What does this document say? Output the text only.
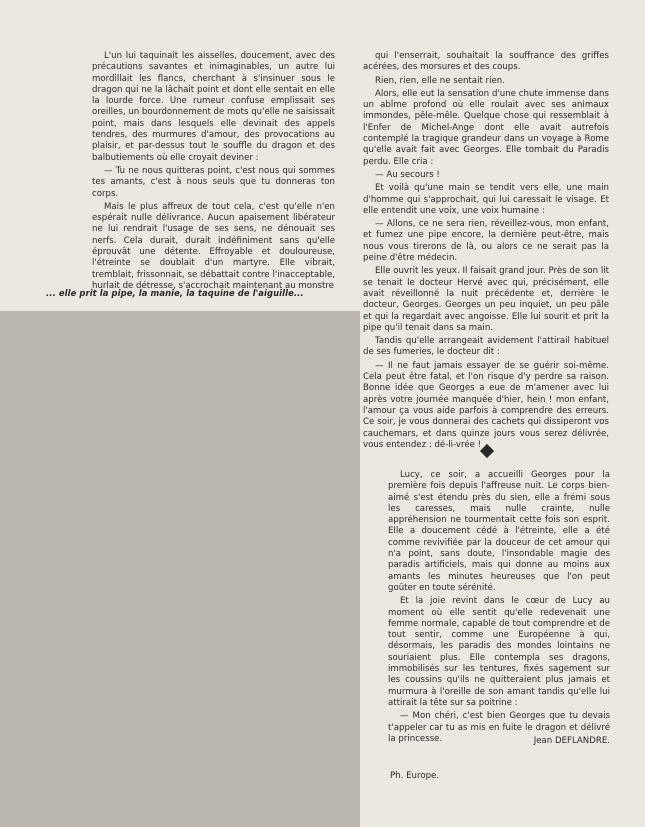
L'un lui taquinait les aisselles, doucement, avec des précautions savantes et inimaginables, un autre lui mordillait les flancs, cherchant à s'insinuer sous le dragon qui ne la lâchait point et dont elle sentait en elle la lourde force. Une rumeur confuse emplissait ses oreilles, un bourdonnement de mots qu'elle ne saisissait point, mais dans lesquels elle devinait des appels tendres, des murmures d'amour, des provocations au plaisir, et par-dessus tout le souffle du dragon et des balbutiements où elle croyait deviner :

— Tu ne nous quitteras point, c'est nous qui sommes tes amants, c'est à nous seuls que tu donneras ton corps.

Mais le plus affreux de tout cela, c'est qu'elle n'en espérait nulle délivrance. Aucun apaisement libérateur ne lui rendrait l'usage de ses sens, ne dénouait ses nerfs. Cela durait, durait indéfiniment sans qu'elle éprouvât une détente. Effroyable et douloureuse, l'étreinte se doublait d'un martyre. Elle vibrait, tremblait, frissonnait, se débattait contre l'inacceptable, hurlait de détresse, s'accrochait maintenant au monstre

... elle prit la pipe, la manie, la taquine de l'aiguille...

qui l'enserrait, souhaitait la souffrance des griffes acérées, des morsures et des coups.

Rien, rien, elle ne sentait rien.

Alors, elle eut la sensation d'une chute immense dans un abîme profond où elle roulait avec ses animaux immondes, pêle-mêle. Quelque chose qui ressemblait à l'Enfer de Michel-Ange dont elle avait autrefois contemplé la tragique grandeur dans un voyage à Rome qu'elle avait fait avec Georges. Elle tombait du Paradis perdu. Elle cria :

— Au secours !

Et voilà qu'une main se tendit vers elle, une main d'homme qui s'approchait, qui lui caressait le visage. Et elle entendit une voix, une voix humaine :

— Allons, ce ne sera rien, réveillez-vous, mon enfant, et fumez une pipe encore, la dernière peut-être, mais nous vous tirerons de là, ou alors ce ne serait pas la peine d'être médecin.

Elle ouvrit les yeux. Il faisait grand jour. Près de son lit se tenait le docteur Hervé avec qui, précisément, elle avait réveillonné la nuit précédente et, derrière le docteur, Georges. Georges un peu inquiet, un peu pâle et qui la regardait avec angoisse. Elle lui sourit et prit la pipe qu'il tenait dans sa main.

Tandis qu'elle arrangeait avidement l'attirail habituel de ses fumeries, le docteur dit :

— Il ne faut jamais essayer de se guérir soi-même. Cela peut être fatal, et l'on risque d'y perdre sa raison. Bonne idée que Georges a eue de m'amener avec lui après votre journée manquée d'hier, hein ! mon enfant, l'amour ça vous aide parfois à comprendre des erreurs. Ce soir, je vous donnerai des cachets qui dissiperont vos cauchemars, et dans quinze jours vous serez délivrée, vous entendez : dé-li-vrée !

Lucy, ce soir, a accueilli Georges pour la première fois depuis l'affreuse nuit. Le corps bien-aimé s'est étendu près du sien, elle a frémi sous les caresses, mais nulle crainte, nulle appréhension ne tourmentait cette fois son esprit. Elle a doucement cédé à l'étreinte, elle a été comme revivifiée par la douceur de cet amour qui n'a point, sans doute, l'insondable magie des paradis artificiels, mais qui donne au moins aux amants les minutes heureuses que l'on peut goûter en toute sérénité.

Et la joie revint dans le cœur de Lucy au moment où elle sentit qu'elle redevenait une femme normale, capable de tout comprendre et de tout sentir, comme une Européenne à qui, désormais, les paradis des mondes lointains ne souriaient plus. Elle contempla ses dragons, immobilisés sur les tentures, fixés sagement sur les coussins qu'ils ne quitteraient plus jamais et murmura à l'oreille de son amant tandis qu'elle lui attirait la tête sur sa poitrine :

— Mon chéri, c'est bien Georges que tu devais t'appeler car tu as mis en fuite le dragon et délivré la princesse.	Jean DEFLANDRE.
Ph. Europe.
